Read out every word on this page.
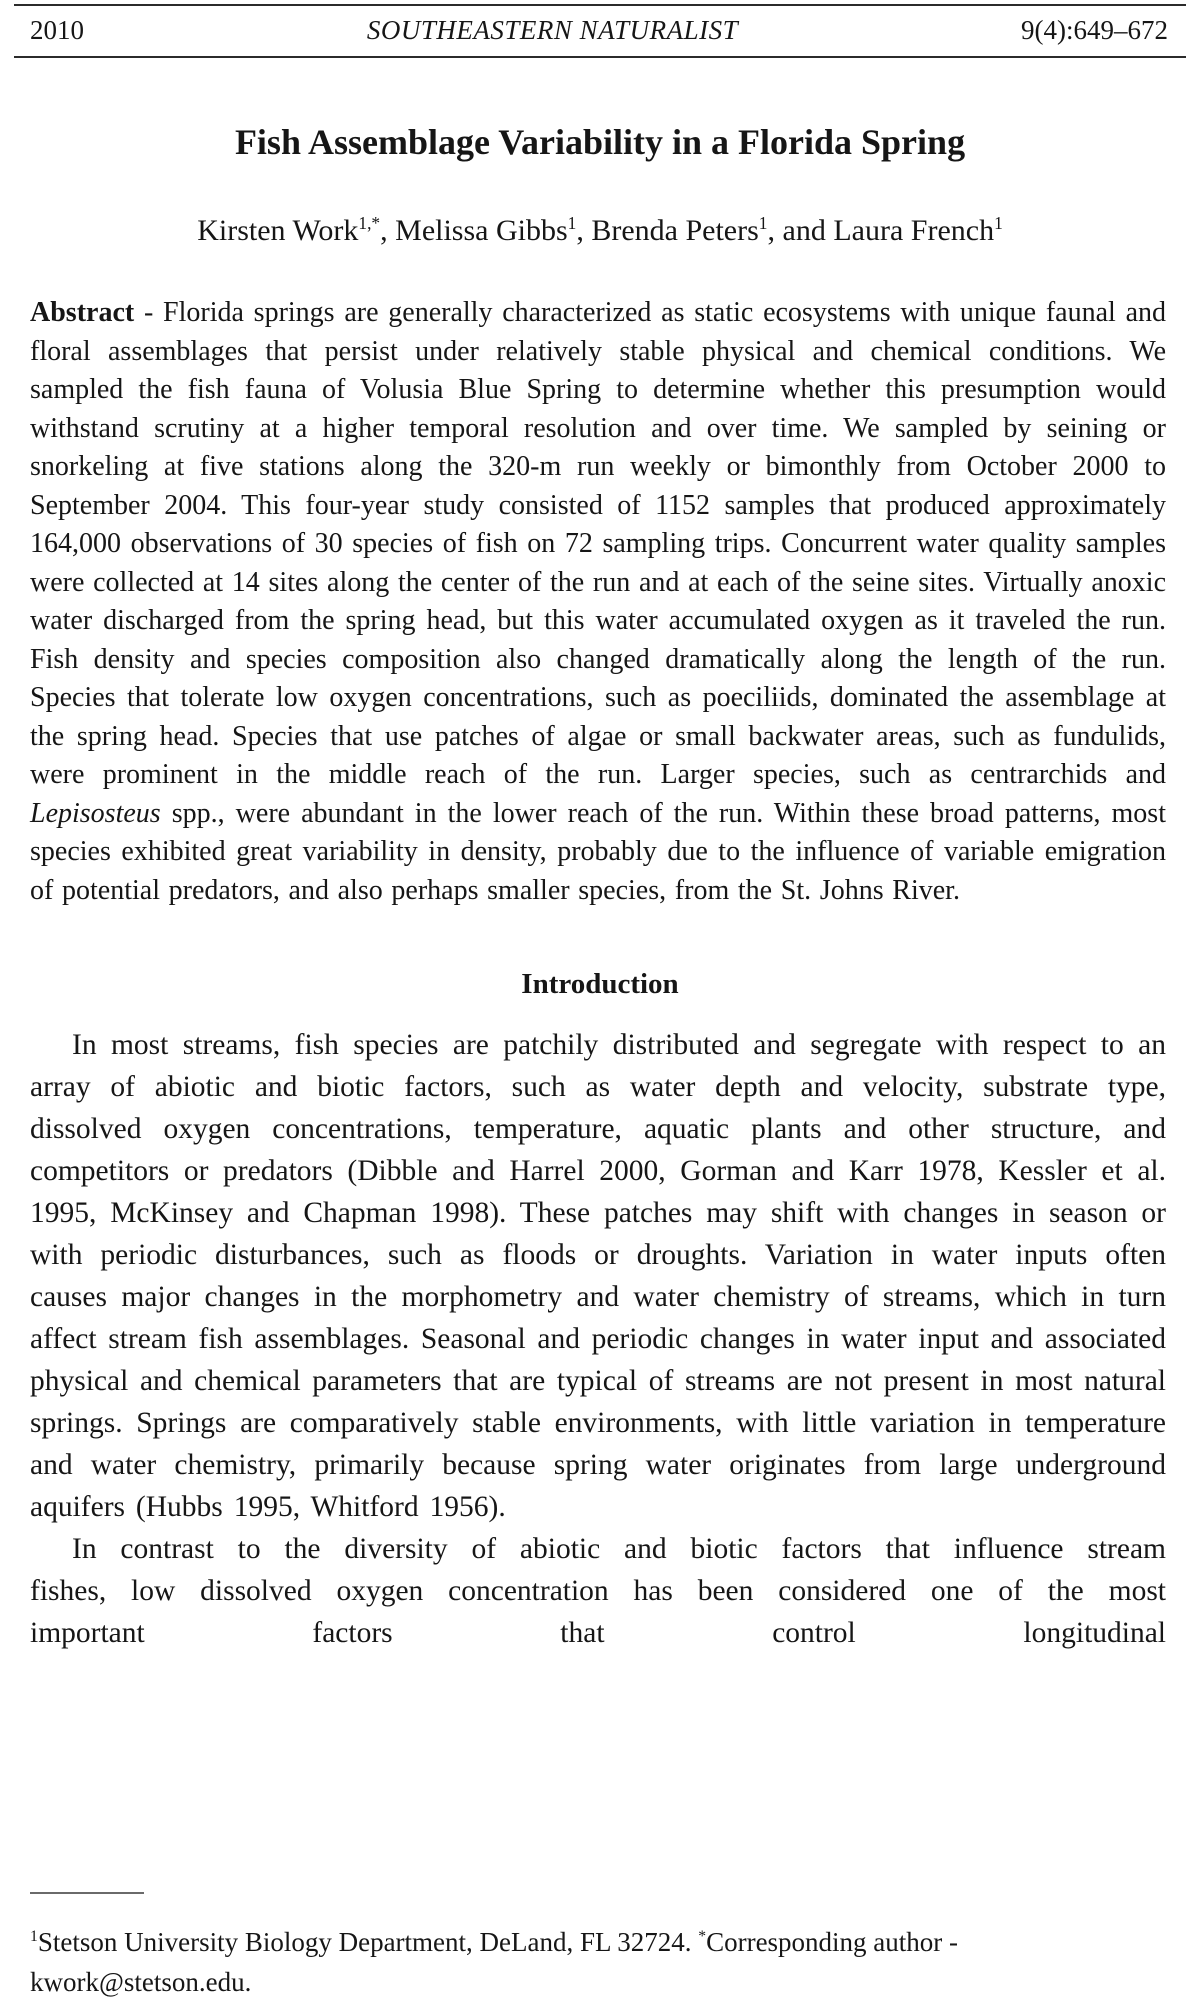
2010	SOUTHEASTERN NATURALIST	9(4):649–672
Fish Assemblage Variability in a Florida Spring
Kirsten Work$^{1,*}$, Melissa Gibbs$^1$, Brenda Peters$^1$, and Laura French$^1$

Abstract - Florida springs are generally characterized as static ecosystems with unique faunal and floral assemblages that persist under relatively stable physical and chemical conditions. We sampled the fish fauna of Volusia Blue Spring to determine whether this presumption would withstand scrutiny at a higher temporal resolution and over time. We sampled by seining or snorkeling at five stations along the 320-m run weekly or bimonthly from October 2000 to September 2004. This four-year study consisted of 1152 samples that produced approximately 164,000 observations of 30 species of fish on 72 sampling trips. Concurrent water quality samples were collected at 14 sites along the center of the run and at each of the seine sites. Virtually anoxic water discharged from the spring head, but this water accumulated oxygen as it traveled the run. Fish density and species composition also changed dramatically along the length of the run. Species that tolerate low oxygen concentrations, such as poeciliids, dominated the assemblage at the spring head. Species that use patches of algae or small backwater areas, such as fundulids, were prominent in the middle reach of the run. Larger species, such as centrarchids and Lepisosteus spp., were abundant in the lower reach of the run. Within these broad patterns, most species exhibited great variability in density, probably due to the influence of variable emigration of potential predators, and also perhaps smaller species, from the St. Johns River.

Introduction

In most streams, fish species are patchily distributed and segregate with respect to an array of abiotic and biotic factors, such as water depth and velocity, substrate type, dissolved oxygen concentrations, temperature, aquatic plants and other structure, and competitors or predators (Dibble and Harrel 2000, Gorman and Karr 1978, Kessler et al. 1995, McKinsey and Chapman 1998). These patches may shift with changes in season or with periodic disturbances, such as floods or droughts. Variation in water inputs often causes major changes in the morphometry and water chemistry of streams, which in turn affect stream fish assemblages. Seasonal and periodic changes in water input and associated physical and chemical parameters that are typical of streams are not present in most natural springs. Springs are comparatively stable environments, with little variation in temperature and water chemistry, primarily because spring water originates from large underground aquifers (Hubbs 1995, Whitford 1956).

In contrast to the diversity of abiotic and biotic factors that influence stream fishes, low dissolved oxygen concentration has been considered one of the most important factors that control longitudinal

$^1$Stetson University Biology Department, DeLand, FL 32724. *Corresponding author - kwork@stetson.edu.
